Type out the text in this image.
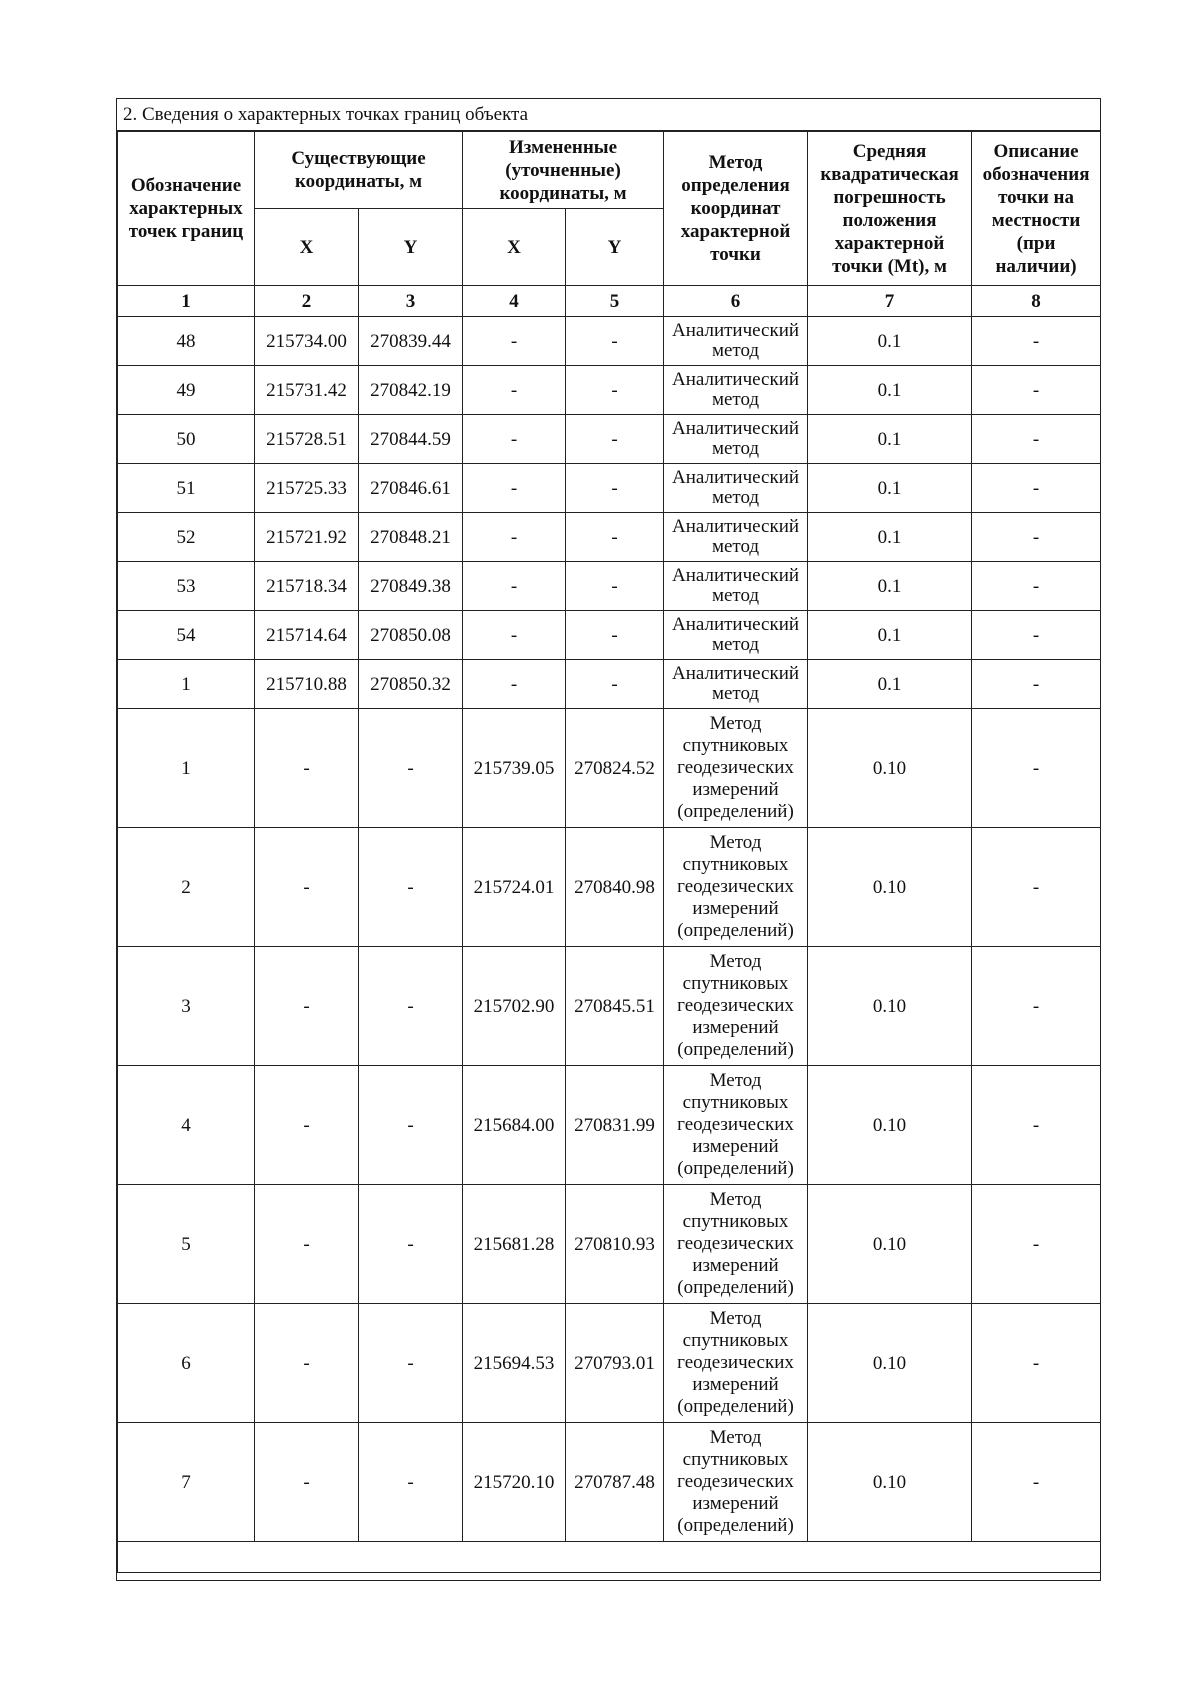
2. Сведения о характерных точках границ объекта
Обозначение характерных точек границ	Существующие координаты, м		Измененные (уточненные) координаты, м		Метод определения координат характерной точки	Средняя квадратическая погрешность положения характерной точки (Mt), м	Описание обозначения точки на местности (при наличии)
	X	Y	X	Y			
1	2	3	4	5	6	7	8
48	215734.00	270839.44	-	-	Аналитический метод	0.1	-
49	215731.42	270842.19	-	-	Аналитический метод	0.1	-
50	215728.51	270844.59	-	-	Аналитический метод	0.1	-
51	215725.33	270846.61	-	-	Аналитический метод	0.1	-
52	215721.92	270848.21	-	-	Аналитический метод	0.1	-
53	215718.34	270849.38	-	-	Аналитический метод	0.1	-
54	215714.64	270850.08	-	-	Аналитический метод	0.1	-
1	215710.88	270850.32	-	-	Аналитический метод	0.1	-
1	-	-	215739.05	270824.52	Метод спутниковых геодезических измерений (определений)	0.10	-
2	-	-	215724.01	270840.98	Метод спутниковых геодезических измерений (определений)	0.10	-
3	-	-	215702.90	270845.51	Метод спутниковых геодезических измерений (определений)	0.10	-
4	-	-	215684.00	270831.99	Метод спутниковых геодезических измерений (определений)	0.10	-
5	-	-	215681.28	270810.93	Метод спутниковых геодезических измерений (определений)	0.10	-
6	-	-	215694.53	270793.01	Метод спутниковых геодезических измерений (определений)	0.10	-
7	-	-	215720.10	270787.48	Метод спутниковых геодезических измерений (определений)	0.10	-
